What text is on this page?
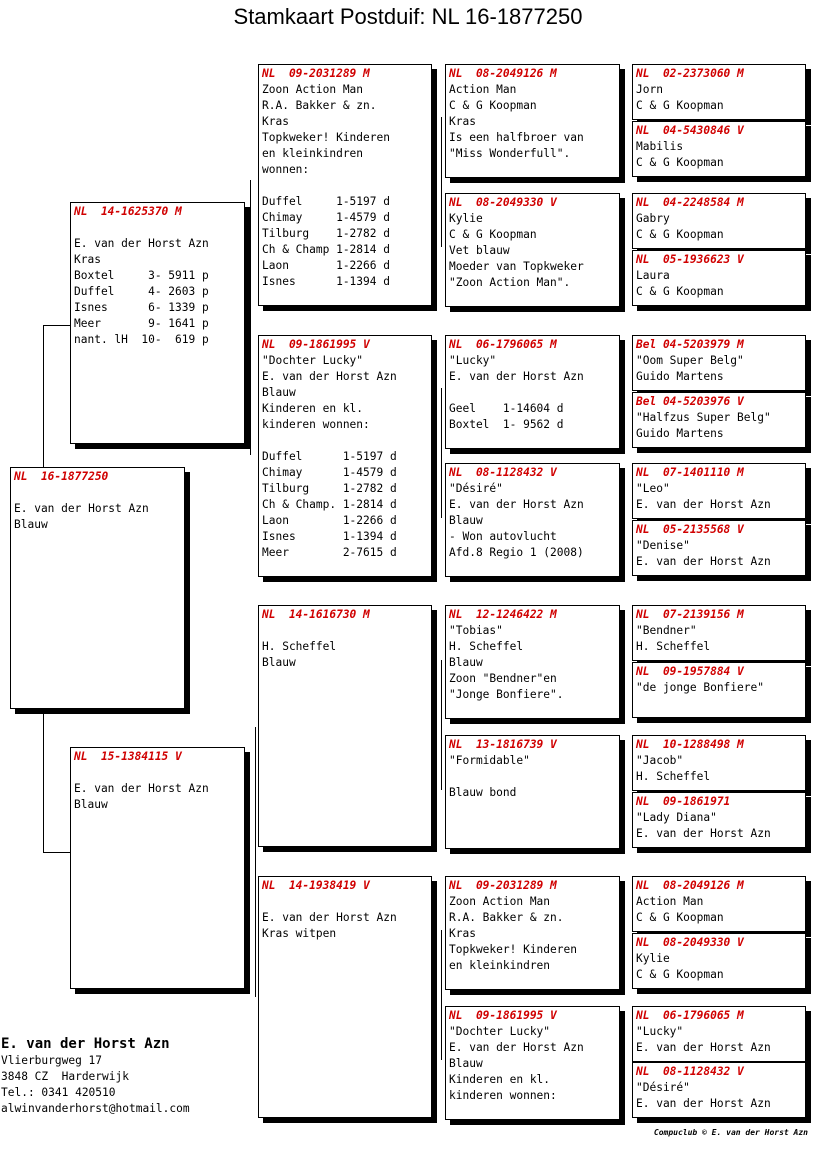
Stamkaart Postduif: NL 16-1877250
NL  16-1877250
E. van der Horst Azn
Blauw
NL  14-1625370 M
E. van der Horst Azn
Kras
Boxtel     3- 5911 p
Duffel     4- 2603 p
Isnes      6- 1339 p
Meer       9- 1641 p
nant. lH  10-  619 p
NL  15-1384115 V
E. van der Horst Azn
Blauw
NL  09-2031289 M
Zoon Action Man
R.A. Bakker & zn.
Kras
Topkweker! Kinderen
en kleinkindren
wonnen:
Duffel     1-5197 d
Chimay     1-4579 d
Tilburg    1-2782 d
Ch & Champ 1-2814 d
Laon       1-2266 d
Isnes      1-1394 d
NL  09-1861995 V
"Dochter Lucky"
E. van der Horst Azn
Blauw
Kinderen en kl.
kinderen wonnen:
Duffel      1-5197 d
Chimay      1-4579 d
Tilburg     1-2782 d
Ch & Champ. 1-2814 d
Laon        1-2266 d
Isnes       1-1394 d
Meer        2-7615 d
NL  14-1616730 M
H. Scheffel
Blauw
NL  14-1938419 V
E. van der Horst Azn
Kras witpen
NL  08-2049126 M
Action Man
C & G Koopman
Kras
Is een halfbroer van
"Miss Wonderfull".
NL  08-2049330 V
Kylie
C & G Koopman
Vet blauw
Moeder van Topkweker
"Zoon Action Man".
NL  06-1796065 M
"Lucky"
E. van der Horst Azn
Geel    1-14604 d
Boxtel  1- 9562 d
NL  08-1128432 V
"Désiré"
E. van der Horst Azn
Blauw
- Won autovlucht
Afd.8 Regio 1 (2008)
NL  12-1246422 M
"Tobias"
H. Scheffel
Blauw
Zoon "Bendner"en
"Jonge Bonfiere".
NL  13-1816739 V
"Formidable"
Blauw bond
NL  09-2031289 M
Zoon Action Man
R.A. Bakker & zn.
Kras
Topkweker! Kinderen
en kleinkindren
NL  09-1861995 V
"Dochter Lucky"
E. van der Horst Azn
Blauw
Kinderen en kl.
kinderen wonnen:
NL  02-2373060 M
Jorn
C & G Koopman
NL  04-5430846 V
Mabilis
C & G Koopman
NL  04-2248584 M
Gabry
C & G Koopman
NL  05-1936623 V
Laura
C & G Koopman
Bel 04-5203979 M
"Oom Super Belg"
Guido Martens
Bel 04-5203976 V
"Halfzus Super Belg"
Guido Martens
NL  07-1401110 M
"Leo"
E. van der Horst Azn
NL  05-2135568 V
"Denise"
E. van der Horst Azn
NL  07-2139156 M
"Bendner"
H. Scheffel
NL  09-1957884 V
"de jonge Bonfiere"
NL  10-1288498 M
"Jacob"
H. Scheffel
NL  09-1861971
"Lady Diana"
E. van der Horst Azn
NL  08-2049126 M
Action Man
C & G Koopman
NL  08-2049330 V
Kylie
C & G Koopman
NL  06-1796065 M
"Lucky"
E. van der Horst Azn
NL  08-1128432 V
"Désiré"
E. van der Horst Azn
E. van der Horst Azn
Vlierburgweg 17
3848 CZ  Harderwijk
Tel.: 0341 420510
alwinvanderhorst@hotmail.com
Compuclub © E. van der Horst Azn
